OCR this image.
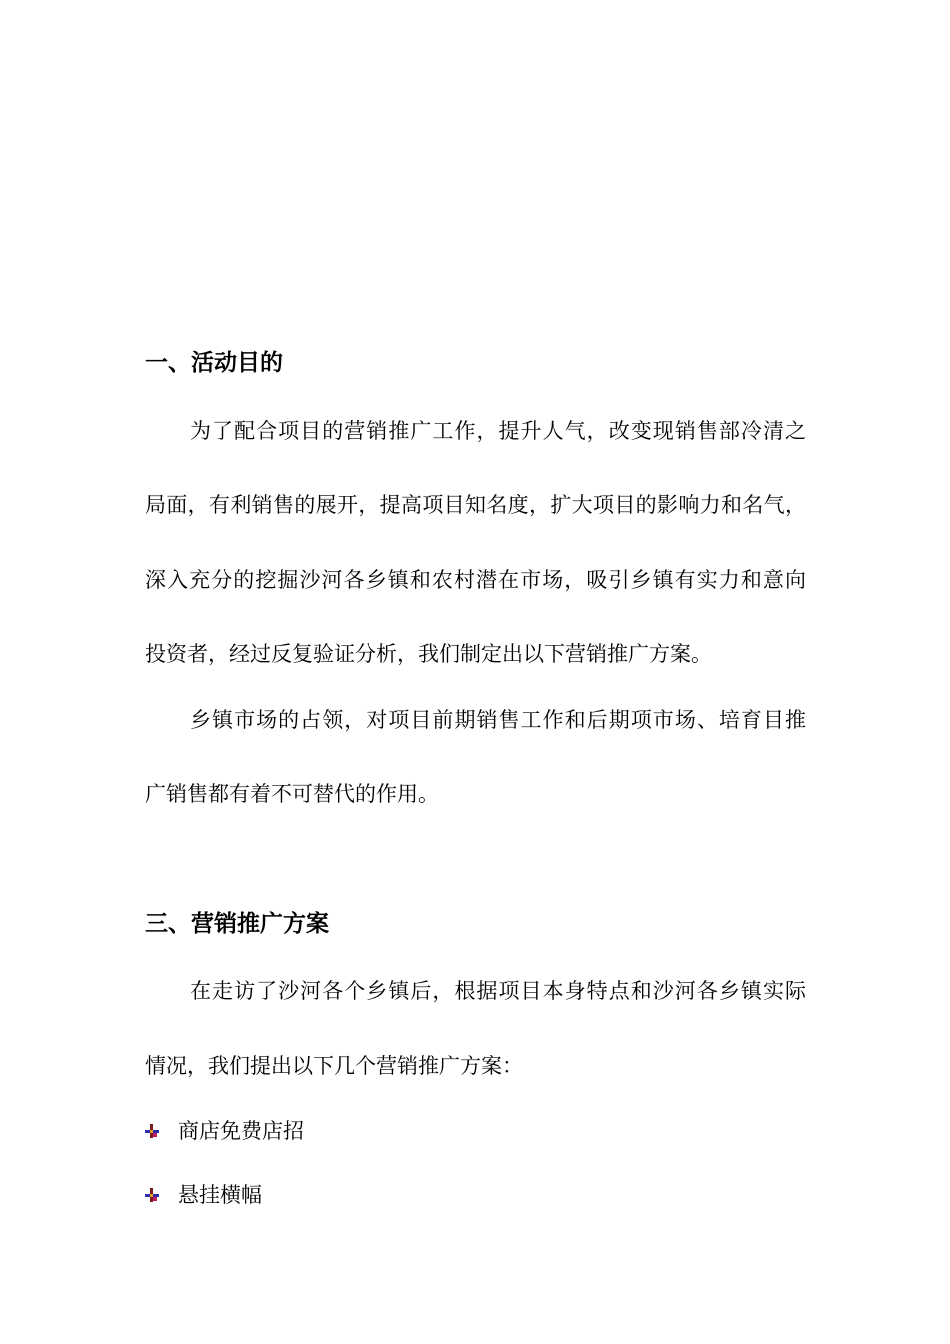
一、活动目的
为了配合项目的营销推广工作，提升人气，改变现销售部冷清之
局面，有利销售的展开，提高项目知名度，扩大项目的影响力和名气，
深入充分的挖掘沙河各乡镇和农村潜在市场，吸引乡镇有实力和意向
投资者，经过反复验证分析，我们制定出以下营销推广方案。
乡镇市场的占领，对项目前期销售工作和后期项市场、培育目推
广销售都有着不可替代的作用。
三、营销推广方案
在走访了沙河各个乡镇后，根据项目本身特点和沙河各乡镇实际
情况，我们提出以下几个营销推广方案：
商店免费店招
悬挂横幅
